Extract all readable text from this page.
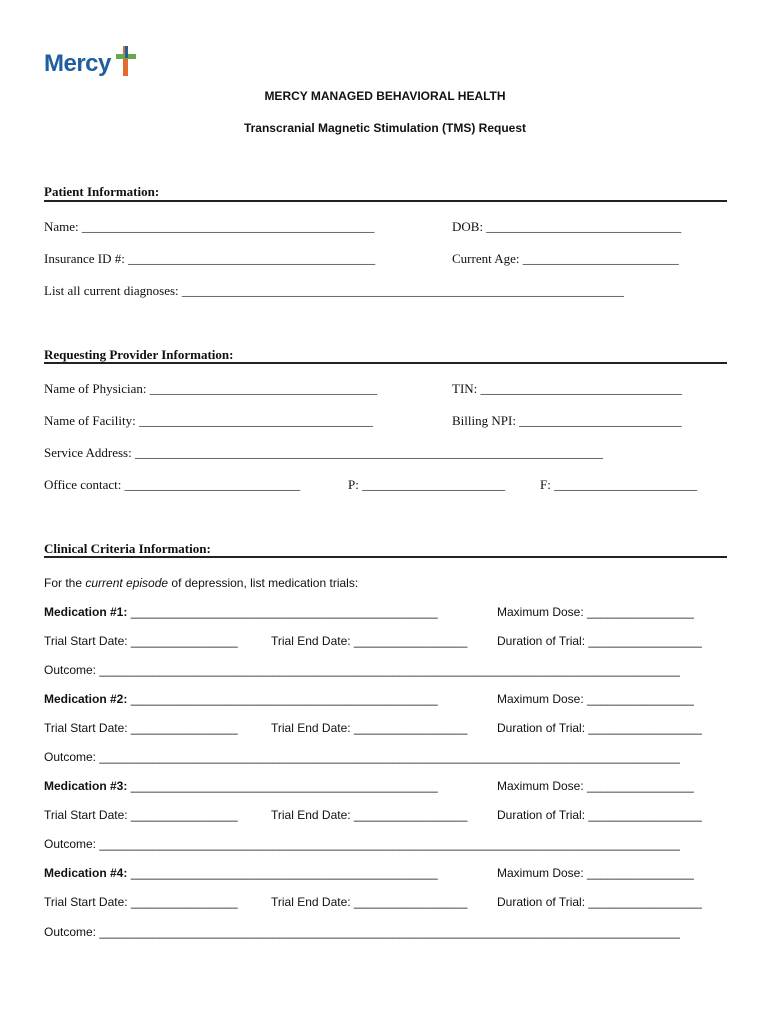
Mercy
MERCY MANAGED BEHAVIORAL HEALTH
Transcranial Magnetic Stimulation (TMS) Request
Patient Information:
Name: _____________________________________________	DOB: ______________________________
Insurance ID #: ______________________________________	Current Age: ________________________
List all current diagnoses: ____________________________________________________________________
Requesting Provider Information:
Name of Physician: ___________________________________	TIN: _______________________________
Name of Facility: ____________________________________	Billing NPI: _________________________
Service Address: ________________________________________________________________________
Office contact: ___________________________	P: ______________________	F: ______________________
Clinical Criteria Information:
For the current episode of depression, list medication trials:
Medication #1: ______________________________________________	Maximum Dose: ________________
Trial Start Date: ________________	Trial End Date: _________________ Duration of Trial: _________________
Outcome: _______________________________________________________________________________________
Medication #2: ______________________________________________	Maximum Dose: ________________
Trial Start Date: ________________	Trial End Date: _________________ Duration of Trial: _________________
Outcome: _______________________________________________________________________________________
Medication #3: ______________________________________________	Maximum Dose: ________________
Trial Start Date: ________________	Trial End Date: _________________ Duration of Trial: _________________
Outcome: _______________________________________________________________________________________
Medication #4: ______________________________________________	Maximum Dose: ________________
Trial Start Date: ________________	Trial End Date: _________________ Duration of Trial: _________________
Outcome: _______________________________________________________________________________________
